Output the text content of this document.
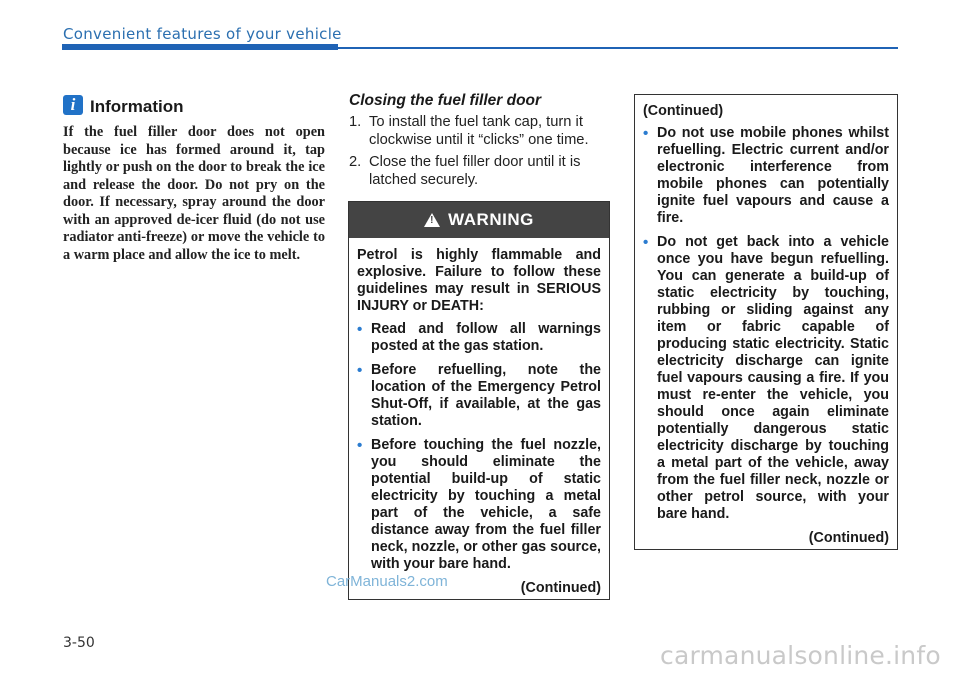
Convenient features of your vehicle
i Information
If the fuel filler door does not open because ice has formed around it, tap lightly or push on the door to break the ice and release the door. Do not pry on the door. If necessary, spray around the door with an approved de-icer fluid (do not use radiator anti-freeze) or move the vehicle to a warm place and allow the ice to melt.
Closing the fuel filler door
1. To install the fuel tank cap, turn it clockwise until it “clicks” one time.
2. Close the fuel filler door until it is latched securely.
! WARNING
Petrol is highly flammable and explosive. Failure to follow these guidelines may result in SERIOUS INJURY or DEATH:
• Read and follow all warnings posted at the gas station.
• Before refuelling, note the location of the Emergency Petrol Shut-Off, if available, at the gas station.
• Before touching the fuel nozzle, you should eliminate the potential build-up of static electricity by touching a metal part of the vehicle, a safe distance away from the fuel filler neck, nozzle, or other gas source, with your bare hand.
(Continued)
CarManuals2.com
(Continued)
• Do not use mobile phones whilst refuelling. Electric current and/or electronic interference from mobile phones can potentially ignite fuel vapours and cause a fire.
• Do not get back into a vehicle once you have begun refuelling. You can generate a build-up of static electricity by touching, rubbing or sliding against any item or fabric capable of producing static electricity. Static electricity discharge can ignite fuel vapours causing a fire. If you must re-enter the vehicle, you should once again eliminate potentially dangerous static electricity discharge by touching a metal part of the vehicle, away from the fuel filler neck, nozzle or other petrol source, with your bare hand.
(Continued)
3-50	carmanualsonline.info
